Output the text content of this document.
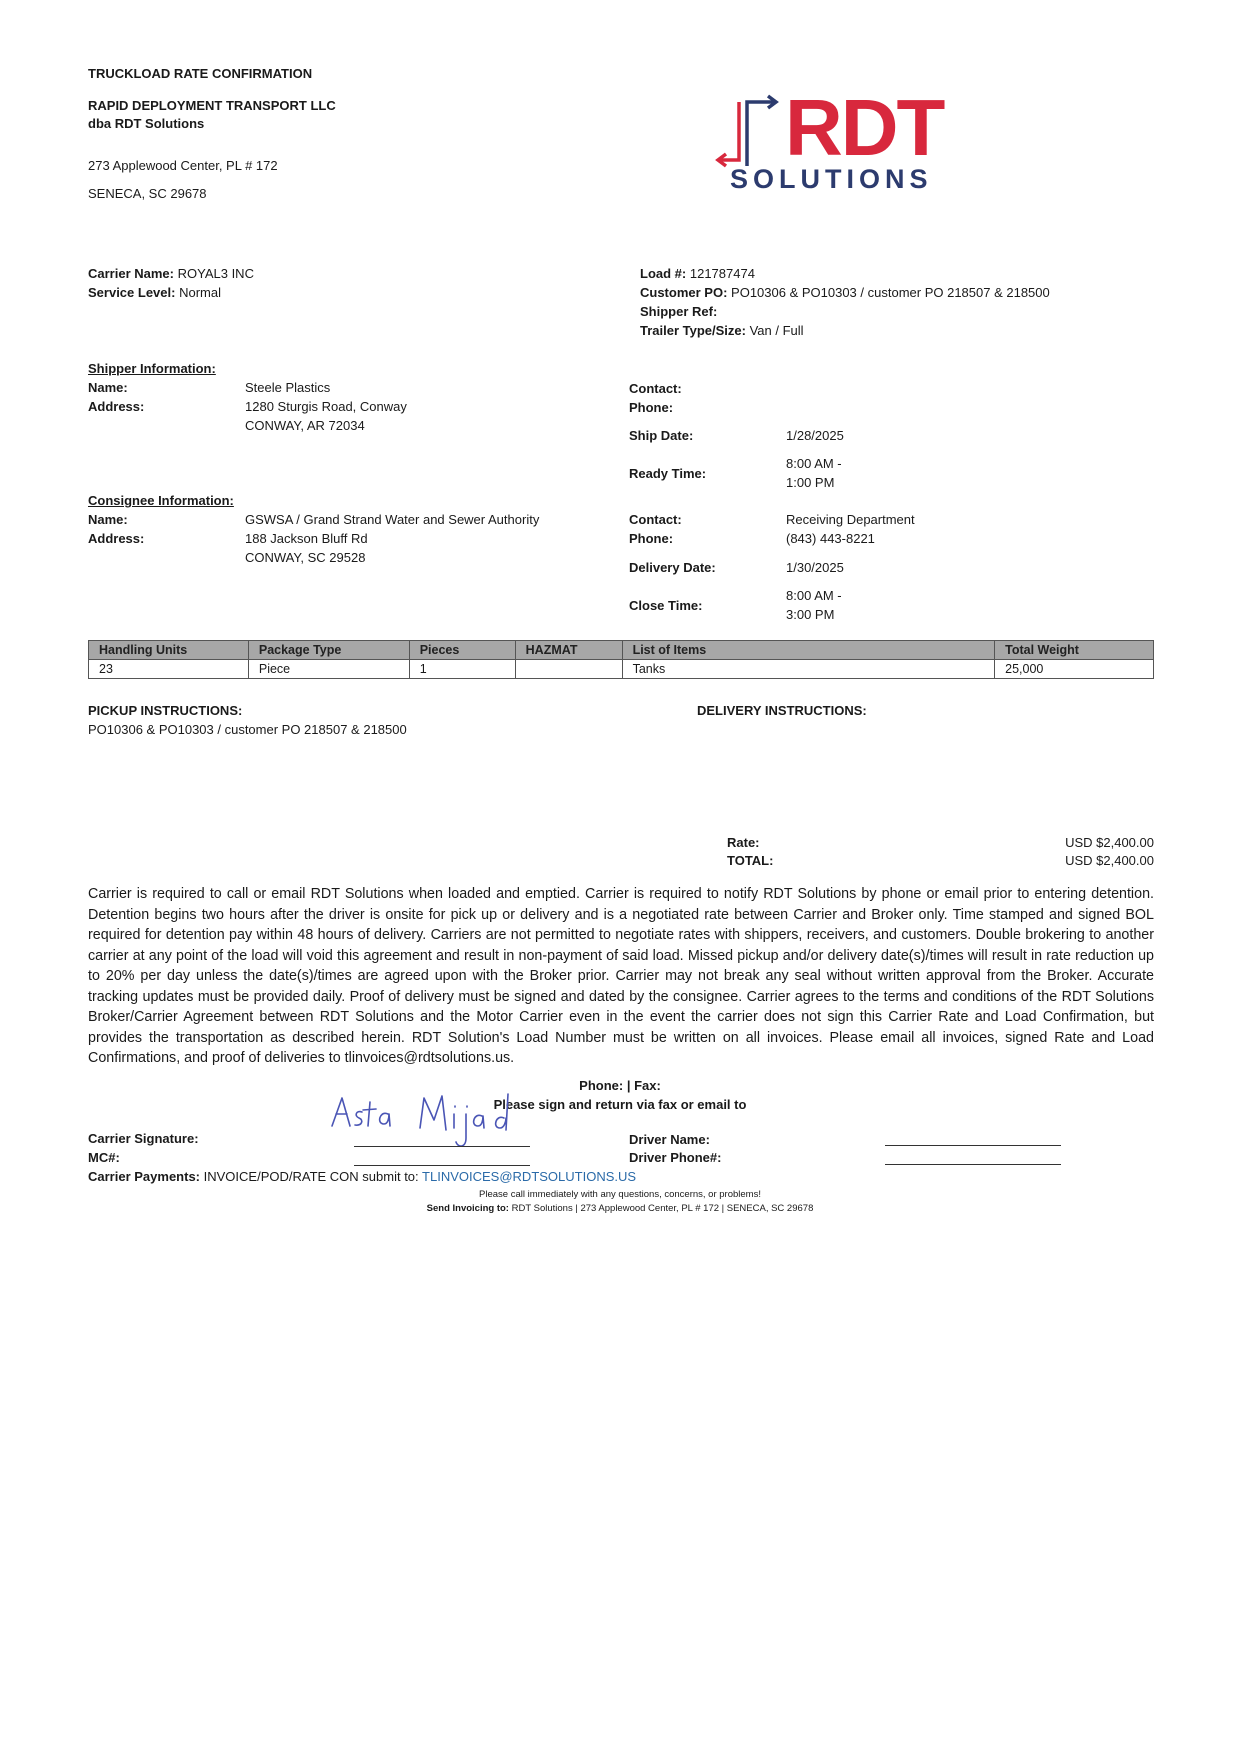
TRUCKLOAD RATE CONFIRMATION
RAPID DEPLOYMENT TRANSPORT LLC
dba RDT Solutions
273 Applewood Center, PL # 172
SENECA, SC 29678
RDT
SOLUTIONS
Carrier Name: ROYAL3 INC
Service Level: Normal
Load #: 121787474
Customer PO: PO10306 & PO10303 / customer PO 218507 & 218500
Shipper Ref:
Trailer Type/Size: Van / Full
Shipper Information:
Name:	Steele Plastics
Address:	1280 Sturgis Road, Conway
CONWAY, AR 72034
Contact:
Phone:
Ship Date:	1/28/2025
Ready Time:
8:00 AM -
1:00 PM
Consignee Information:
Name:	GSWSA / Grand Strand Water and Sewer Authority
Address:	188 Jackson Bluff Rd
CONWAY, SC 29528
Contact:	Receiving Department
Phone:	(843) 443-8221
Delivery Date:	1/30/2025
Close Time:
8:00 AM -
3:00 PM
Handling Units	Package Type	Pieces	HAZMAT	List of Items	Total Weight
23	Piece	1		Tanks	25,000
PICKUP INSTRUCTIONS:
PO10306 & PO10303 / customer PO 218507 & 218500
DELIVERY INSTRUCTIONS:
Rate:	USD $2,400.00
TOTAL:	USD $2,400.00
Carrier is required to call or email RDT Solutions when loaded and emptied. Carrier is required to notify RDT Solutions by phone or email prior to entering detention. Detention begins two hours after the driver is onsite for pick up or delivery and is a negotiated rate between Carrier and Broker only. Time stamped and signed BOL required for detention pay within 48 hours of delivery. Carriers are not permitted to negotiate rates with shippers, receivers, and customers. Double brokering to another carrier at any point of the load will void this agreement and result in non-payment of said load. Missed pickup and/or delivery date(s)/times will result in rate reduction up to 20% per day unless the date(s)/times are agreed upon with the Broker prior. Carrier may not break any seal without written approval from the Broker. Accurate tracking updates must be provided daily. Proof of delivery must be signed and dated by the consignee. Carrier agrees to the terms and conditions of the RDT Solutions Broker/Carrier Agreement between RDT Solutions and the Motor Carrier even in the event the carrier does not sign this Carrier Rate and Load Confirmation, but provides the transportation as described herein. RDT Solution's Load Number must be written on all invoices. Please email all invoices, signed Rate and Load Confirmations, and proof of deliveries to tlinvoices@rdtsolutions.us.
Phone: | Fax:
Please sign and return via fax or email to
Carrier Signature:
MC#:
Driver Name:
Driver Phone#:
Carrier Payments: INVOICE/POD/RATE CON submit to: TLINVOICES@RDTSOLUTIONS.US
Please call immediately with any questions, concerns, or problems!
Send Invoicing to: RDT Solutions | 273 Applewood Center, PL # 172 | SENECA, SC 29678
